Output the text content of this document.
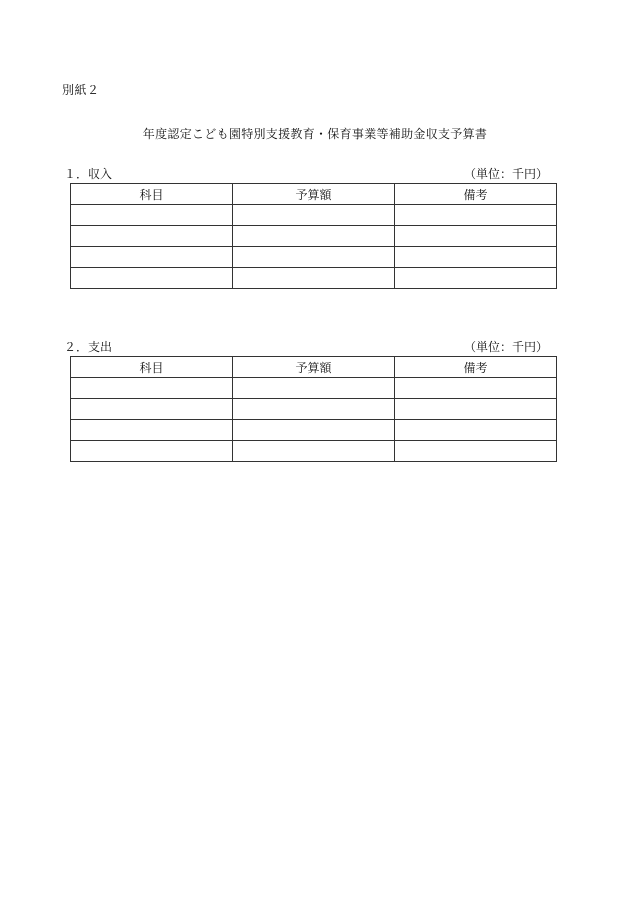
別紙２
年度認定こども園特別支援教育・保育事業等補助金収支予算書
１．収入	（単位：千円）
科目	予算額	備考

２．支出	（単位：千円）
科目	予算額	備考
